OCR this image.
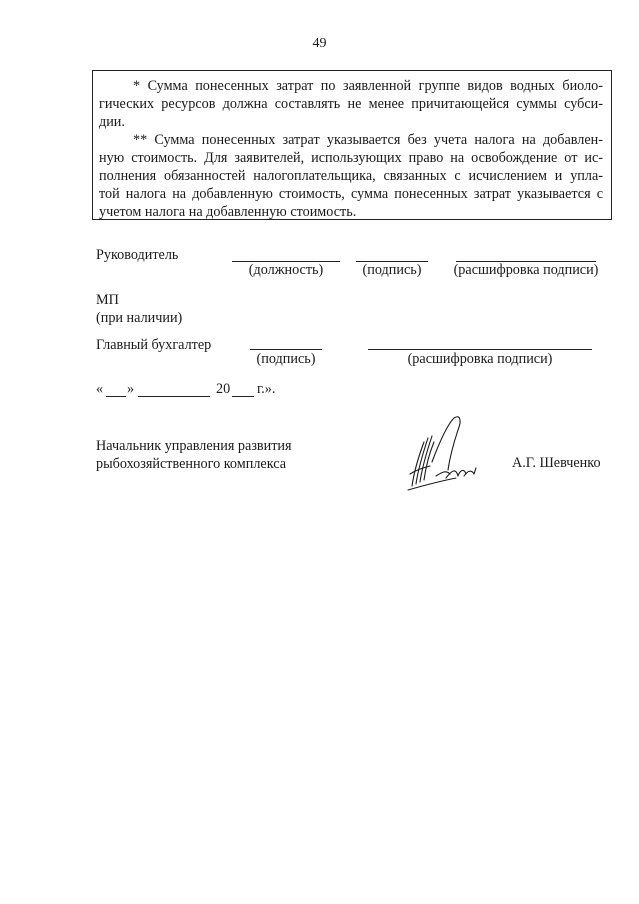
49
* Сумма понесенных затрат по заявленной группе видов водных биоло-
гических ресурсов должна составлять не менее причитающейся суммы субси-
дии.
** Сумма понесенных затрат указывается без учета налога на добавлен-
ную стоимость. Для заявителей, использующих право на освобождение от ис-
полнения обязанностей налогоплательщика, связанных с исчислением и упла-
той налога на добавленную стоимость, сумма понесенных затрат указывается с
учетом налога на добавленную стоимость.
Руководитель
(должность)	(подпись)	(расшифровка подписи)
МП
(при наличии)
Главный бухгалтер
(подпись)	(расшифровка подписи)
« »	20 г.».
Начальник управления развития
рыбохозяйственного комплекса	А.Г. Шевченко
